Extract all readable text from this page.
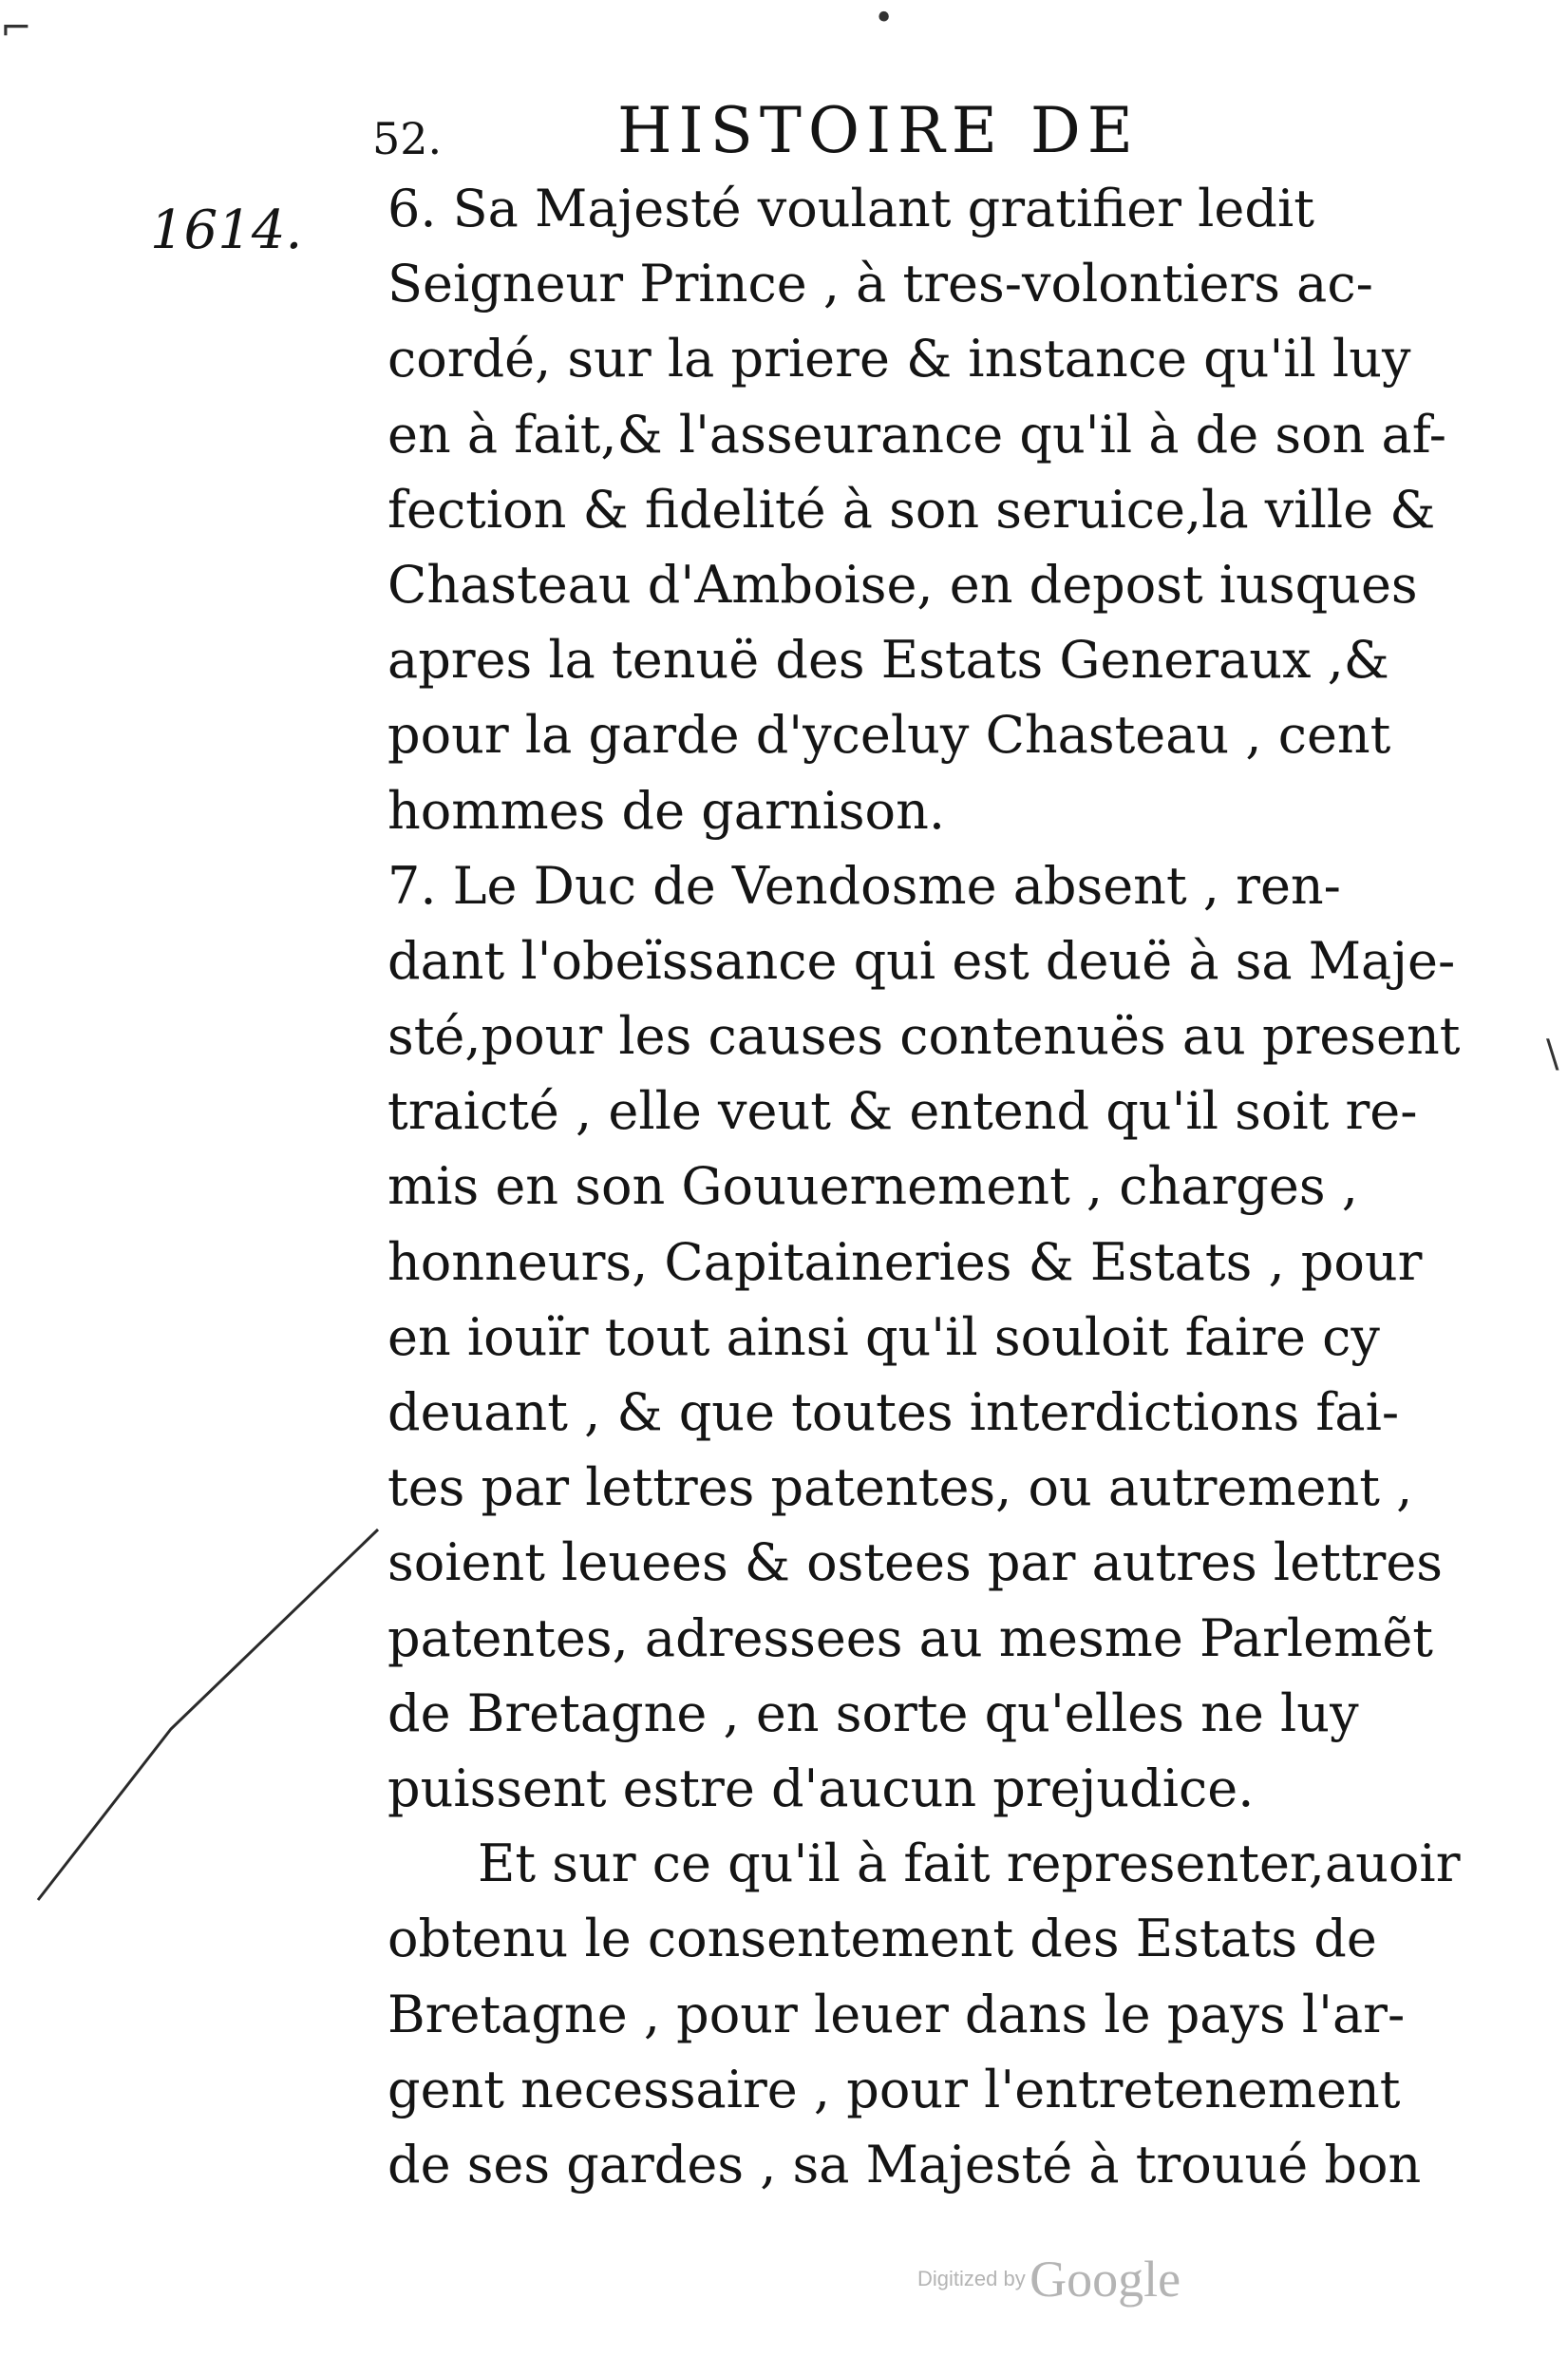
•
⌐
\
52.	HISTOIRE DE
1614. 6. Sa Majesté voulant gratifier ledit
Seigneur Prince , à tres-volontiers ac-
cordé, sur la priere & instance qu'il luy
en à fait,& l'asseurance qu'il à de son af-
fection & fidelité à son seruice,la ville &
Chasteau d'Amboise, en depost iusques
apres la tenuë des Estats Generaux ,&
pour la garde d'yceluy Chasteau , cent
hommes de garnison.
7. Le Duc de Vendosme absent , ren-
dant l'obeïssance qui est deuë à sa Maje-
sté,pour les causes contenuës au present
traicté , elle veut & entend qu'il soit re-
mis en son Gouuernement , charges ,
honneurs, Capitaineries & Estats , pour
en iouïr tout ainsi qu'il souloit faire cy
deuant , & que toutes interdictions fai-
tes par lettres patentes, ou autrement ,
soient leuees & ostees par autres lettres
patentes, adressees au mesme Parlemẽt
de Bretagne , en sorte qu'elles ne luy
puissent estre d'aucun prejudice.
Et sur ce qu'il à fait representer,auoir
obtenu le consentement des Estats de
Bretagne , pour leuer dans le pays l'ar-
gent necessaire , pour l'entretenement
de ses gardes , sa Majesté à trouué bon
Digitized by Google
